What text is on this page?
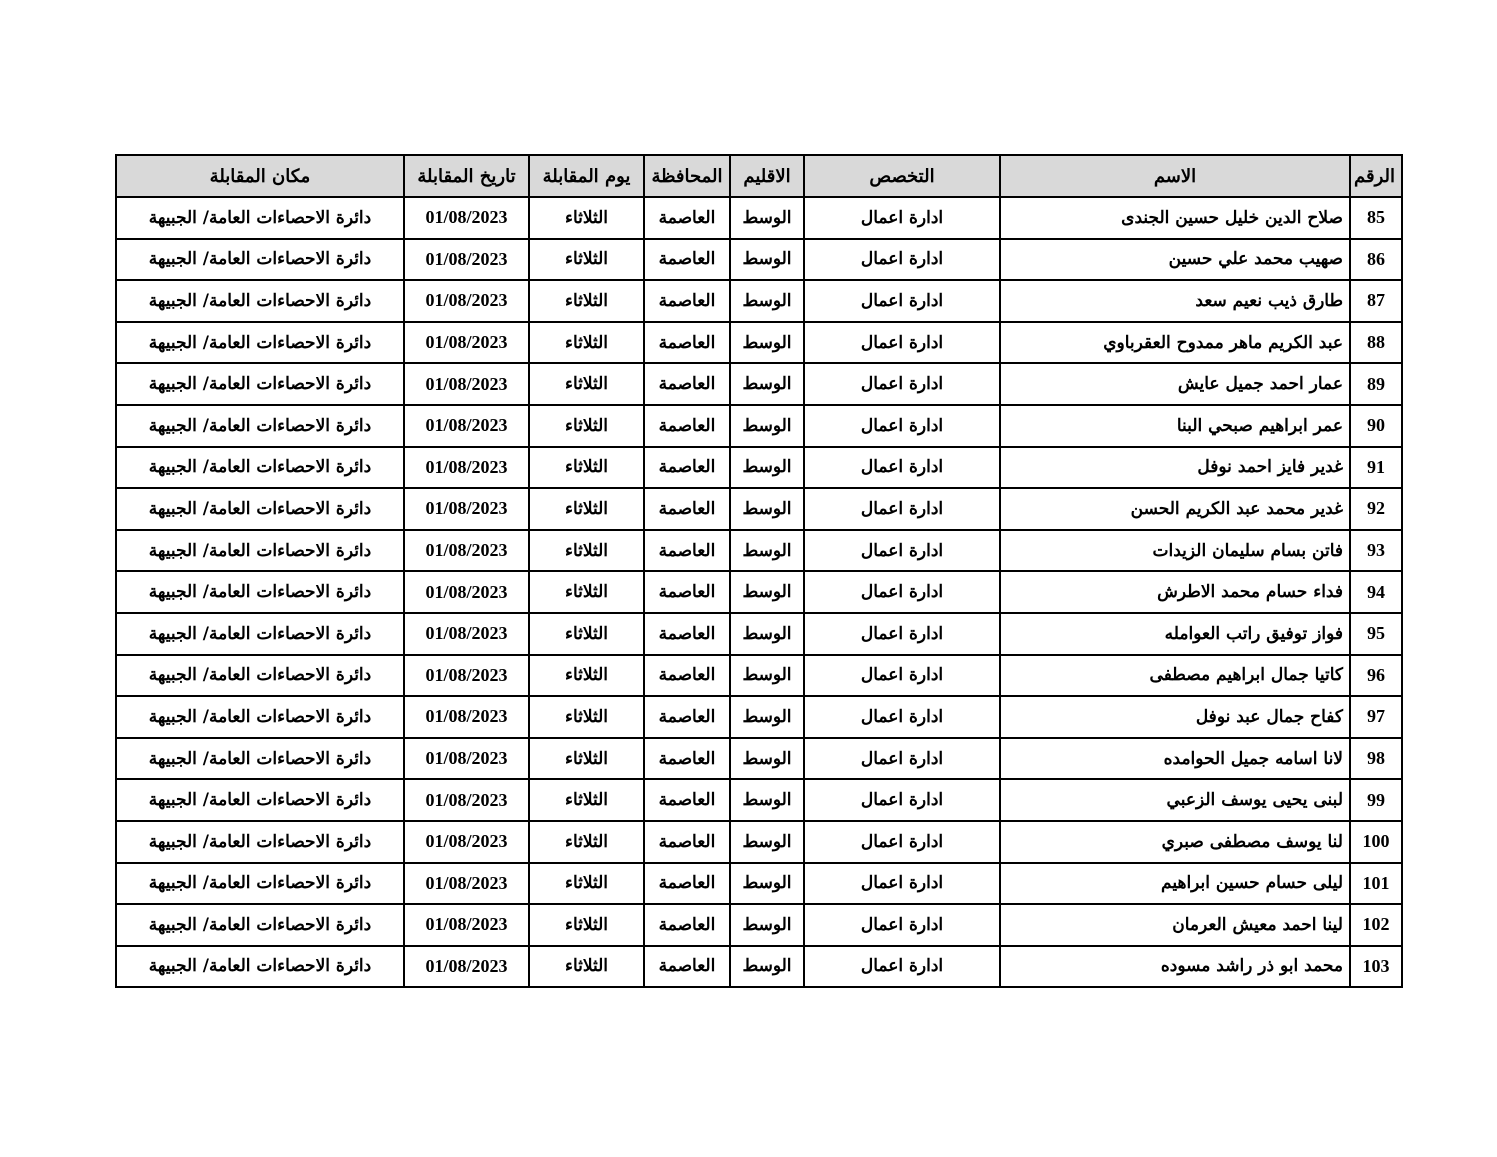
الرقم	الاسم	التخصص	الاقليم	المحافظة	يوم المقابلة	تاريخ المقابلة	مكان المقابلة
85	صلاح الدين خليل حسين الجندى	ادارة اعمال	الوسط	العاصمة	الثلاثاء	01/08/2023	دائرة الاحصاءات العامة/ الجبيهة
86	صهيب محمد علي حسين	ادارة اعمال	الوسط	العاصمة	الثلاثاء	01/08/2023	دائرة الاحصاءات العامة/ الجبيهة
87	طارق ذيب نعيم سعد	ادارة اعمال	الوسط	العاصمة	الثلاثاء	01/08/2023	دائرة الاحصاءات العامة/ الجبيهة
88	عبد الكريم ماهر ممدوح العقرباوي	ادارة اعمال	الوسط	العاصمة	الثلاثاء	01/08/2023	دائرة الاحصاءات العامة/ الجبيهة
89	عمار احمد جميل عايش	ادارة اعمال	الوسط	العاصمة	الثلاثاء	01/08/2023	دائرة الاحصاءات العامة/ الجبيهة
90	عمر ابراهيم صبحي البنا	ادارة اعمال	الوسط	العاصمة	الثلاثاء	01/08/2023	دائرة الاحصاءات العامة/ الجبيهة
91	غدير فايز احمد نوفل	ادارة اعمال	الوسط	العاصمة	الثلاثاء	01/08/2023	دائرة الاحصاءات العامة/ الجبيهة
92	غدير محمد عبد الكريم الحسن	ادارة اعمال	الوسط	العاصمة	الثلاثاء	01/08/2023	دائرة الاحصاءات العامة/ الجبيهة
93	فاتن بسام سليمان الزيدات	ادارة اعمال	الوسط	العاصمة	الثلاثاء	01/08/2023	دائرة الاحصاءات العامة/ الجبيهة
94	فداء حسام محمد الاطرش	ادارة اعمال	الوسط	العاصمة	الثلاثاء	01/08/2023	دائرة الاحصاءات العامة/ الجبيهة
95	فواز توفيق راتب العوامله	ادارة اعمال	الوسط	العاصمة	الثلاثاء	01/08/2023	دائرة الاحصاءات العامة/ الجبيهة
96	كاتيا جمال ابراهيم مصطفى	ادارة اعمال	الوسط	العاصمة	الثلاثاء	01/08/2023	دائرة الاحصاءات العامة/ الجبيهة
97	كفاح جمال عبد نوفل	ادارة اعمال	الوسط	العاصمة	الثلاثاء	01/08/2023	دائرة الاحصاءات العامة/ الجبيهة
98	لانا اسامه جميل الحوامده	ادارة اعمال	الوسط	العاصمة	الثلاثاء	01/08/2023	دائرة الاحصاءات العامة/ الجبيهة
99	لبنى يحيى يوسف الزعبي	ادارة اعمال	الوسط	العاصمة	الثلاثاء	01/08/2023	دائرة الاحصاءات العامة/ الجبيهة
100	لنا يوسف مصطفى صبري	ادارة اعمال	الوسط	العاصمة	الثلاثاء	01/08/2023	دائرة الاحصاءات العامة/ الجبيهة
101	ليلى حسام حسين ابراهيم	ادارة اعمال	الوسط	العاصمة	الثلاثاء	01/08/2023	دائرة الاحصاءات العامة/ الجبيهة
102	لينا احمد معيش العرمان	ادارة اعمال	الوسط	العاصمة	الثلاثاء	01/08/2023	دائرة الاحصاءات العامة/ الجبيهة
103	محمد ابو ذر راشد مسوده	ادارة اعمال	الوسط	العاصمة	الثلاثاء	01/08/2023	دائرة الاحصاءات العامة/ الجبيهة
